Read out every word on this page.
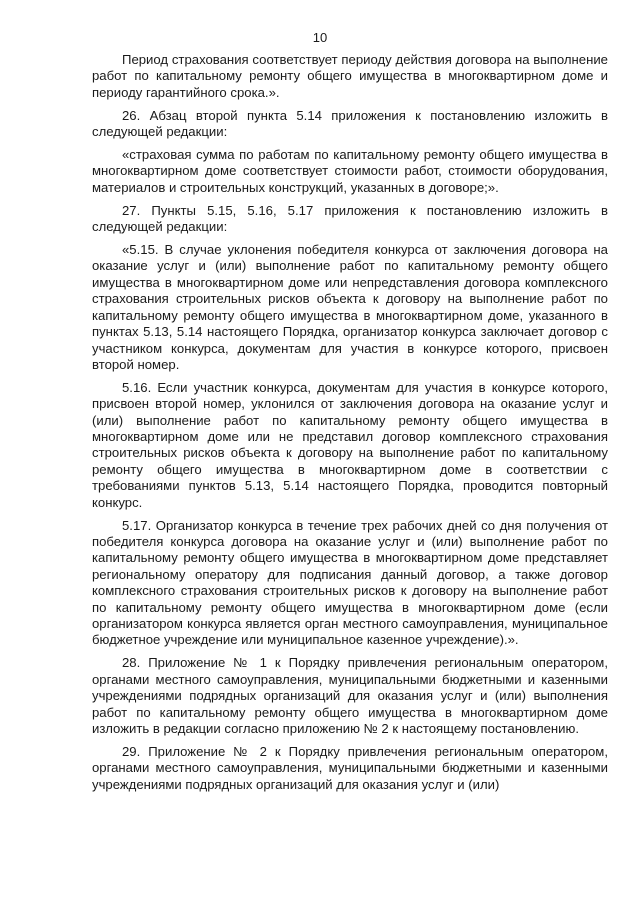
10

Период страхования соответствует периоду действия договора на выполнение работ по капитальному ремонту общего имущества в многоквартирном доме и периоду гарантийного срока.».

26. Абзац второй пункта 5.14 приложения к постановлению изложить в следующей редакции:

«страховая сумма по работам по капитальному ремонту общего имущества в многоквартирном доме соответствует стоимости работ, стоимости оборудования, материалов и строительных конструкций, указанных в договоре;».

27. Пункты 5.15, 5.16, 5.17 приложения к постановлению изложить в следующей редакции:

«5.15. В случае уклонения победителя конкурса от заключения договора на оказание услуг и (или) выполнение работ по капитальному ремонту общего имущества в многоквартирном доме или непредставления договора комплексного страхования строительных рисков объекта к договору на выполнение работ по капитальному ремонту общего имущества в многоквартирном доме, указанного в пунктах 5.13, 5.14 настоящего Порядка, организатор конкурса заключает договор с участником конкурса, документам для участия в конкурсе которого, присвоен второй номер.

5.16. Если участник конкурса, документам для участия в конкурсе которого, присвоен второй номер, уклонился от заключения договора на оказание услуг и (или) выполнение работ по капитальному ремонту общего имущества в многоквартирном доме или не представил договор комплексного страхования строительных рисков объекта к договору на выполнение работ по капитальному ремонту общего имущества в многоквартирном доме в соответствии с требованиями пунктов 5.13, 5.14 настоящего Порядка, проводится повторный конкурс.

5.17. Организатор конкурса в течение трех рабочих дней со дня получения от победителя конкурса договора на оказание услуг и (или) выполнение работ по капитальному ремонту общего имущества в многоквартирном доме представляет региональному оператору для подписания данный договор, а также договор комплексного страхования строительных рисков к договору на выполнение работ по капитальному ремонту общего имущества в многоквартирном доме (если организатором конкурса является орган местного самоуправления, муниципальное бюджетное учреждение или муниципальное казенное учреждение).».

28. Приложение № 1 к Порядку привлечения региональным оператором, органами местного самоуправления, муниципальными бюджетными и казенными учреждениями подрядных организаций для оказания услуг и (или) выполнения работ по капитальному ремонту общего имущества в многоквартирном доме изложить в редакции согласно приложению № 2 к настоящему постановлению.

29. Приложение № 2 к Порядку привлечения региональным оператором, органами местного самоуправления, муниципальными бюджетными и казенными учреждениями подрядных организаций для оказания услуг и (или)
